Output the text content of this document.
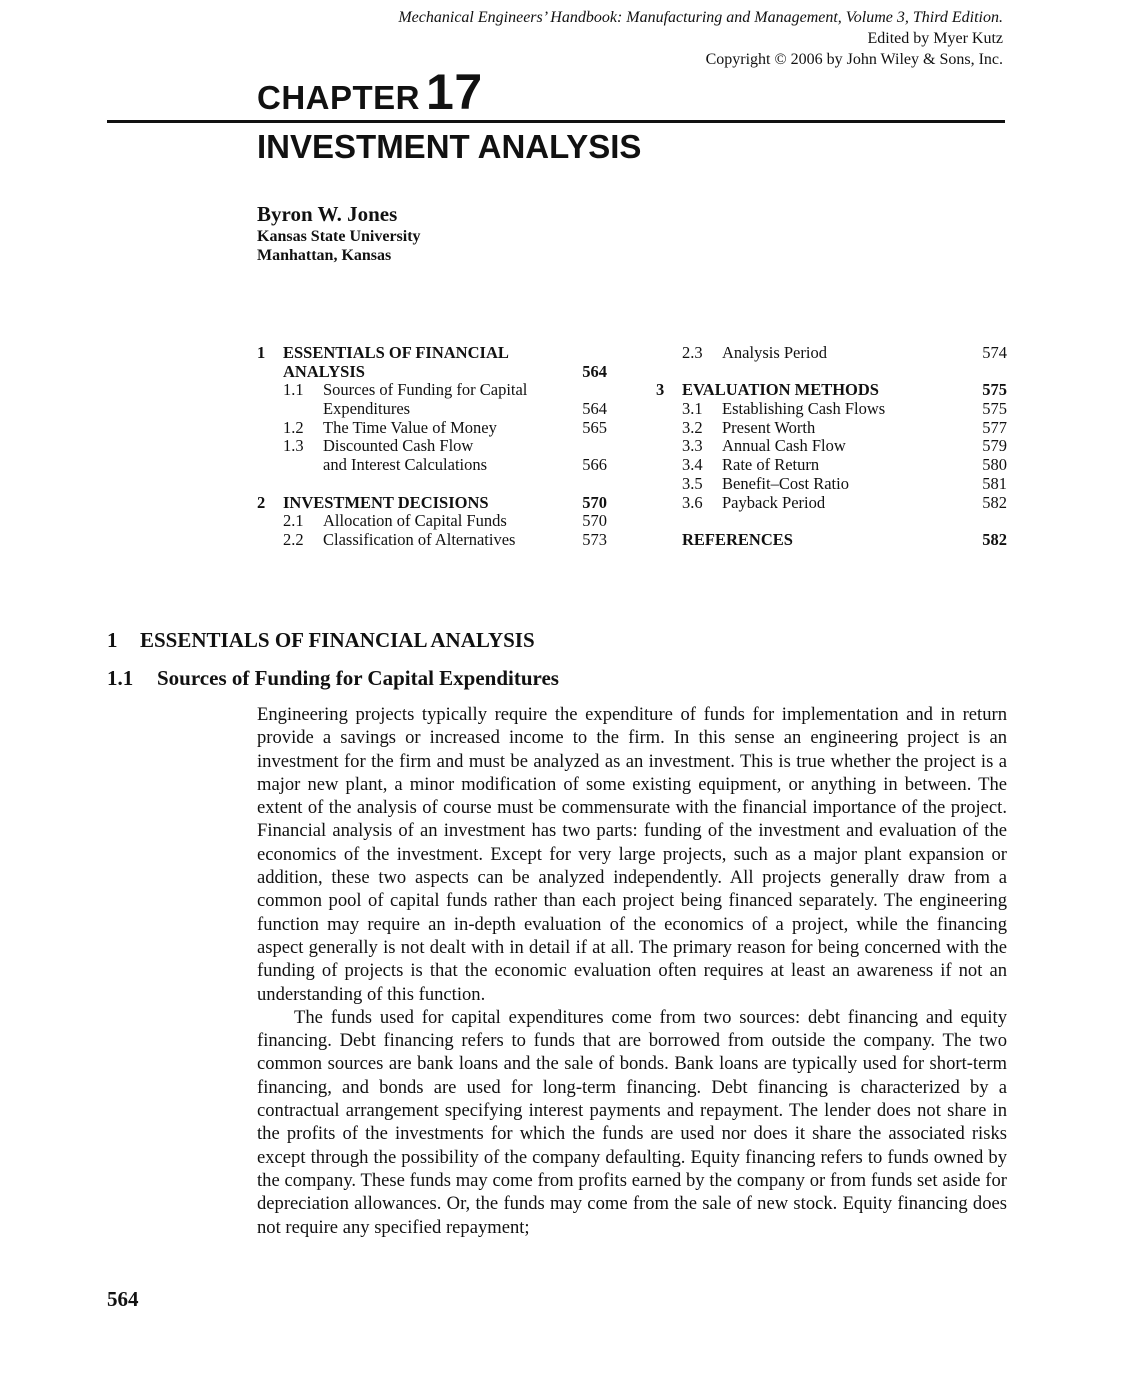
Mechanical Engineers’ Handbook: Manufacturing and Management, Volume 3, Third Edition.
Edited by Myer Kutz
Copyright © 2006 by John Wiley & Sons, Inc.
CHAPTER 17
INVESTMENT ANALYSIS
Byron W. Jones
Kansas State University
Manhattan, Kansas
1 ESSENTIALS OF FINANCIAL
ANALYSIS	564
1.1 Sources of Funding for Capital
Expenditures	564
1.2 The Time Value of Money	565
1.3 Discounted Cash Flow
and Interest Calculations	566
2 INVESTMENT DECISIONS	570
2.1 Allocation of Capital Funds	570
2.2 Classification of Alternatives	573
2.3 Analysis Period	574
3 EVALUATION METHODS	575
3.1 Establishing Cash Flows	575
3.2 Present Worth	577
3.3 Annual Cash Flow	579
3.4 Rate of Return	580
3.5 Benefit–Cost Ratio	581
3.6 Payback Period	582
REFERENCES	582
1 ESSENTIALS OF FINANCIAL ANALYSIS
1.1 Sources of Funding for Capital Expenditures

Engineering projects typically require the expenditure of funds for implementation and in return provide a savings or increased income to the firm. In this sense an engineering project is an investment for the firm and must be analyzed as an investment. This is true whether the project is a major new plant, a minor modification of some existing equipment, or anything in between. The extent of the analysis of course must be commensurate with the financial importance of the project. Financial analysis of an investment has two parts: funding of the investment and evaluation of the economics of the investment. Except for very large projects, such as a major plant expansion or addition, these two aspects can be analyzed independently. All projects generally draw from a common pool of capital funds rather than each project being financed separately. The engineering function may require an in-depth evaluation of the economics of a project, while the financing aspect generally is not dealt with in detail if at all. The primary reason for being concerned with the funding of projects is that the economic evaluation often requires at least an awareness if not an understanding of this function.

The funds used for capital expenditures come from two sources: debt financing and equity financing. Debt financing refers to funds that are borrowed from outside the company. The two common sources are bank loans and the sale of bonds. Bank loans are typically used for short-term financing, and bonds are used for long-term financing. Debt financing is characterized by a contractual arrangement specifying interest payments and repayment. The lender does not share in the profits of the investments for which the funds are used nor does it share the associated risks except through the possibility of the company defaulting. Equity financing refers to funds owned by the company. These funds may come from profits earned by the company or from funds set aside for depreciation allowances. Or, the funds may come from the sale of new stock. Equity financing does not require any specified repayment;

564
